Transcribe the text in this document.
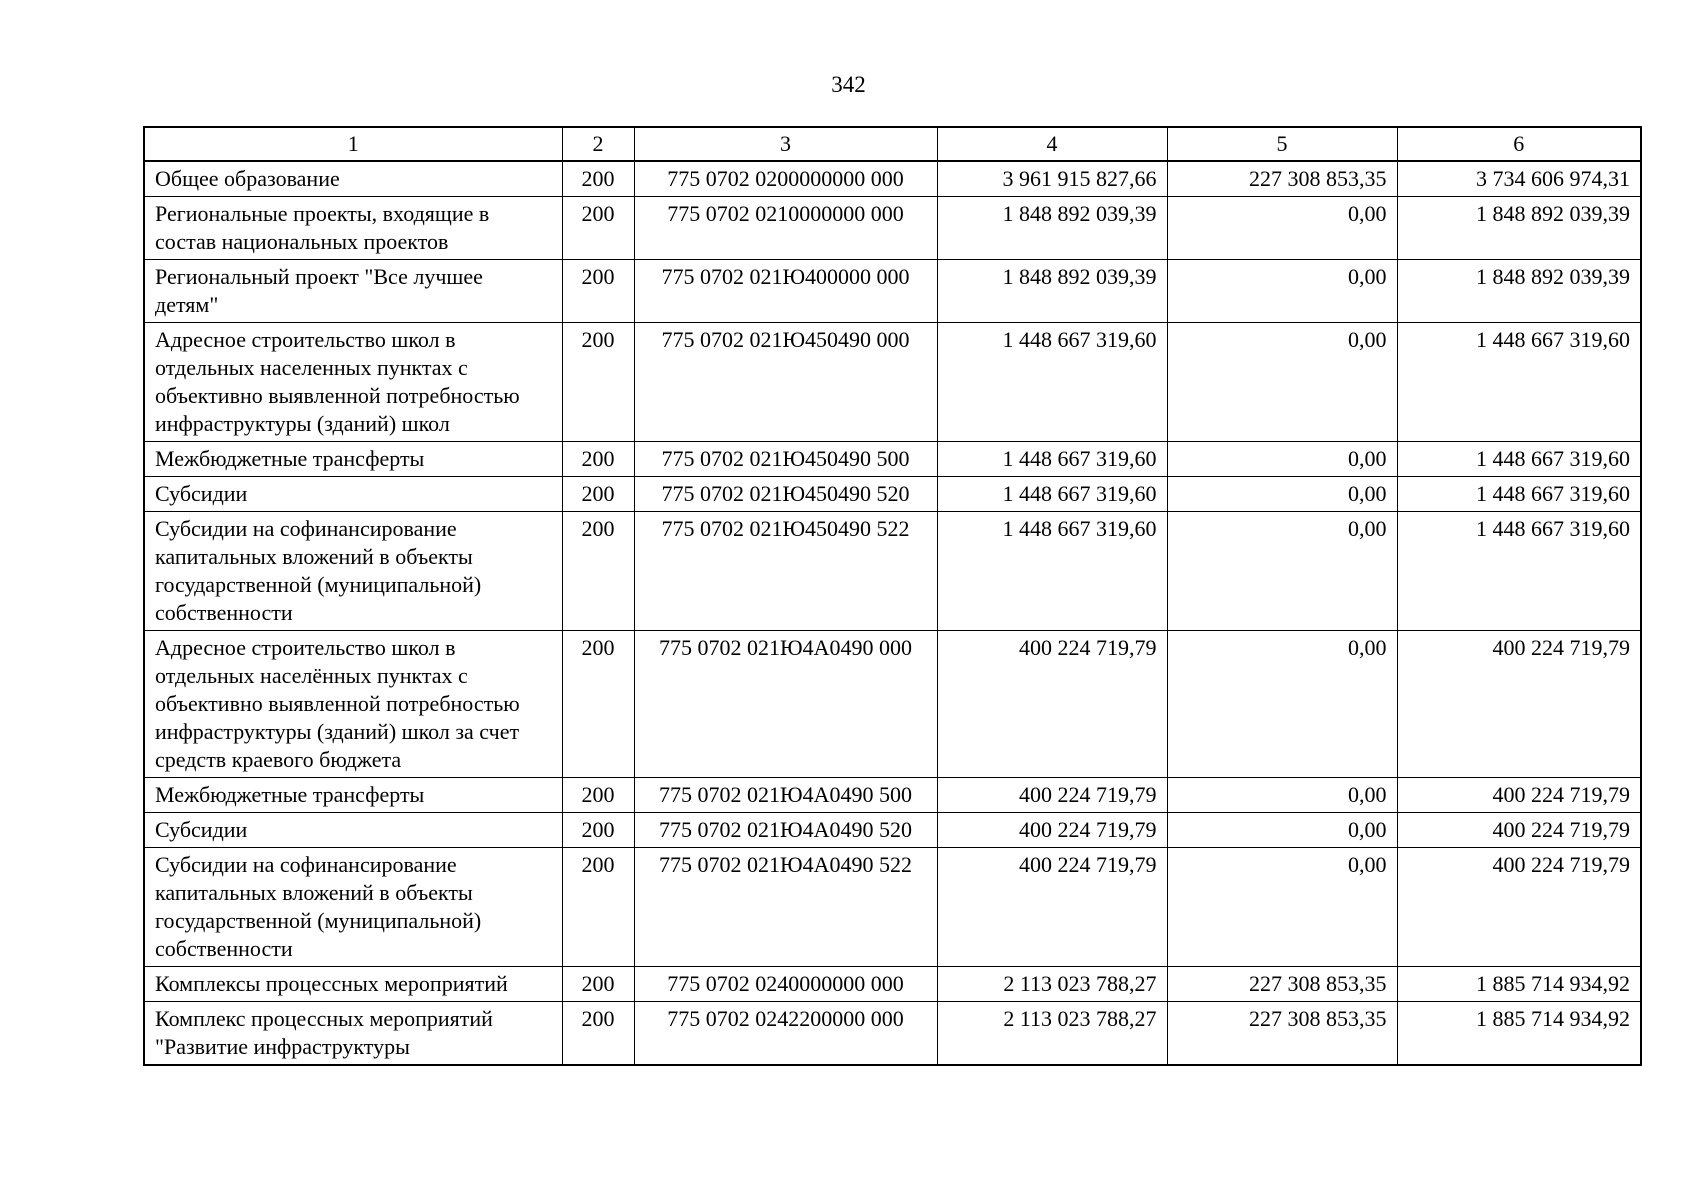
342
1	2	3	4	5	6
Общее образование	200	775 0702 0200000000 000	3 961 915 827,66	227 308 853,35	3 734 606 974,31
Региональные проекты, входящие в состав национальных проектов	200	775 0702 0210000000 000	1 848 892 039,39	0,00	1 848 892 039,39
Региональный проект "Все лучшее детям"	200	775 0702 021Ю400000 000	1 848 892 039,39	0,00	1 848 892 039,39
Адресное строительство школ в отдельных населенных пунктах с объективно выявленной потребностью инфраструктуры (зданий) школ	200	775 0702 021Ю450490 000	1 448 667 319,60	0,00	1 448 667 319,60
Межбюджетные трансферты	200	775 0702 021Ю450490 500	1 448 667 319,60	0,00	1 448 667 319,60
Субсидии	200	775 0702 021Ю450490 520	1 448 667 319,60	0,00	1 448 667 319,60
Субсидии на софинансирование капитальных вложений в объекты государственной (муниципальной) собственности	200	775 0702 021Ю450490 522	1 448 667 319,60	0,00	1 448 667 319,60
Адресное строительство школ в отдельных населённых пунктах с объективно выявленной потребностью инфраструктуры (зданий) школ за счет средств краевого бюджета	200	775 0702 021Ю4А0490 000	400 224 719,79	0,00	400 224 719,79
Межбюджетные трансферты	200	775 0702 021Ю4А0490 500	400 224 719,79	0,00	400 224 719,79
Субсидии	200	775 0702 021Ю4А0490 520	400 224 719,79	0,00	400 224 719,79
Субсидии на софинансирование капитальных вложений в объекты государственной (муниципальной) собственности	200	775 0702 021Ю4А0490 522	400 224 719,79	0,00	400 224 719,79
Комплексы процессных мероприятий	200	775 0702 0240000000 000	2 113 023 788,27	227 308 853,35	1 885 714 934,92
Комплекс процессных мероприятий "Развитие инфраструктуры	200	775 0702 0242200000 000	2 113 023 788,27	227 308 853,35	1 885 714 934,92
